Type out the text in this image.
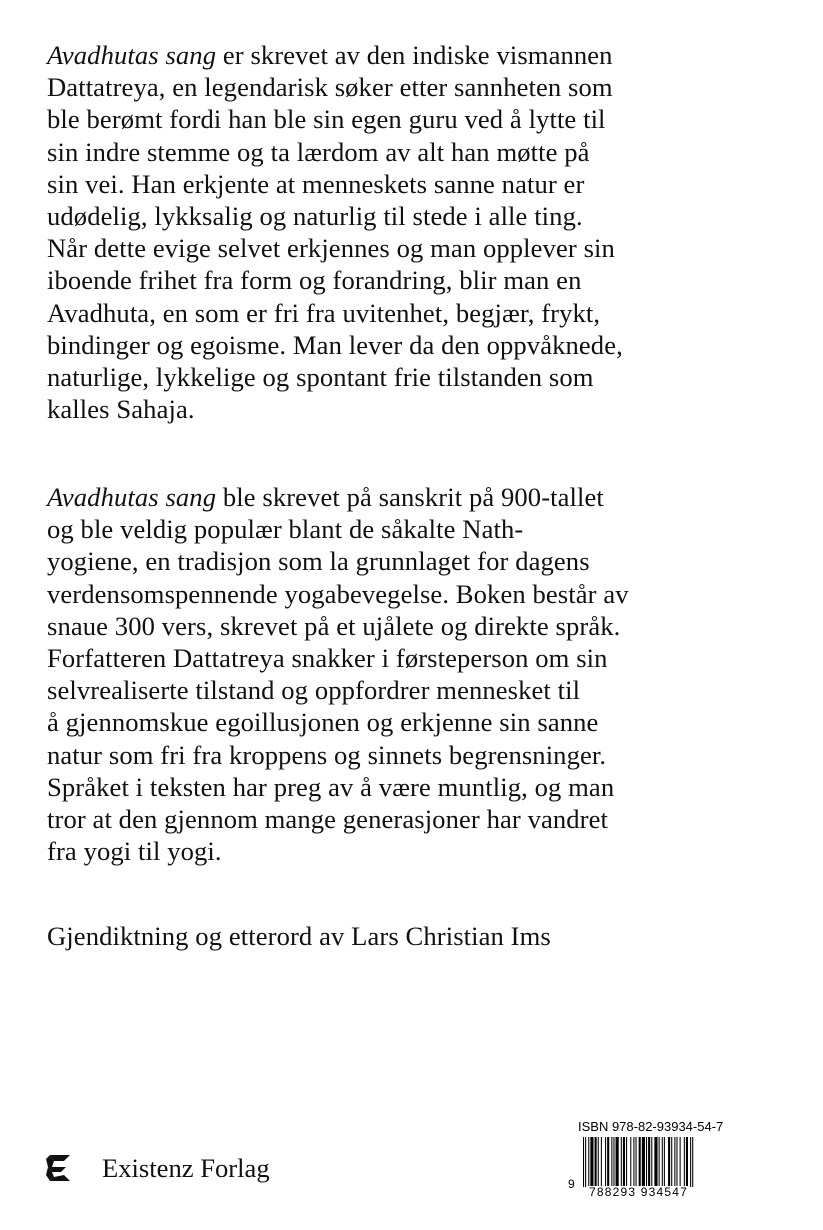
Avadhutas sang er skrevet av den indiske vismannen
Dattatreya, en legendarisk søker etter sannheten som
ble berømt fordi han ble sin egen guru ved å lytte til
sin indre stemme og ta lærdom av alt han møtte på
sin vei. Han erkjente at menneskets sanne natur er
udødelig, lykksalig og naturlig til stede i alle ting.
Når dette evige selvet erkjennes og man opplever sin
iboende frihet fra form og forandring, blir man en
Avadhuta, en som er fri fra uvitenhet, begjær, frykt,
bindinger og egoisme. Man lever da den oppvåknede,
naturlige, lykkelige og spontant frie tilstanden som
kalles Sahaja.
Avadhutas sang ble skrevet på sanskrit på 900-tallet
og ble veldig populær blant de såkalte Nath-
yogiene, en tradisjon som la grunnlaget for dagens
verdensomspennende yogabevegelse. Boken består av
snaue 300 vers, skrevet på et ujålete og direkte språk.
Forfatteren Dattatreya snakker i førsteperson om sin
selvrealiserte tilstand og oppfordrer mennesket til
å gjennomskue egoillusjonen og erkjenne sin sanne
natur som fri fra kroppens og sinnets begrensninger.
Språket i teksten har preg av å være muntlig, og man
tror at den gjennom mange generasjoner har vandret
fra yogi til yogi.
Gjendiktning og etterord av Lars Christian Ims
Existenz Forlag
ISBN 978-82-93934-54-7
9
788293 934547
